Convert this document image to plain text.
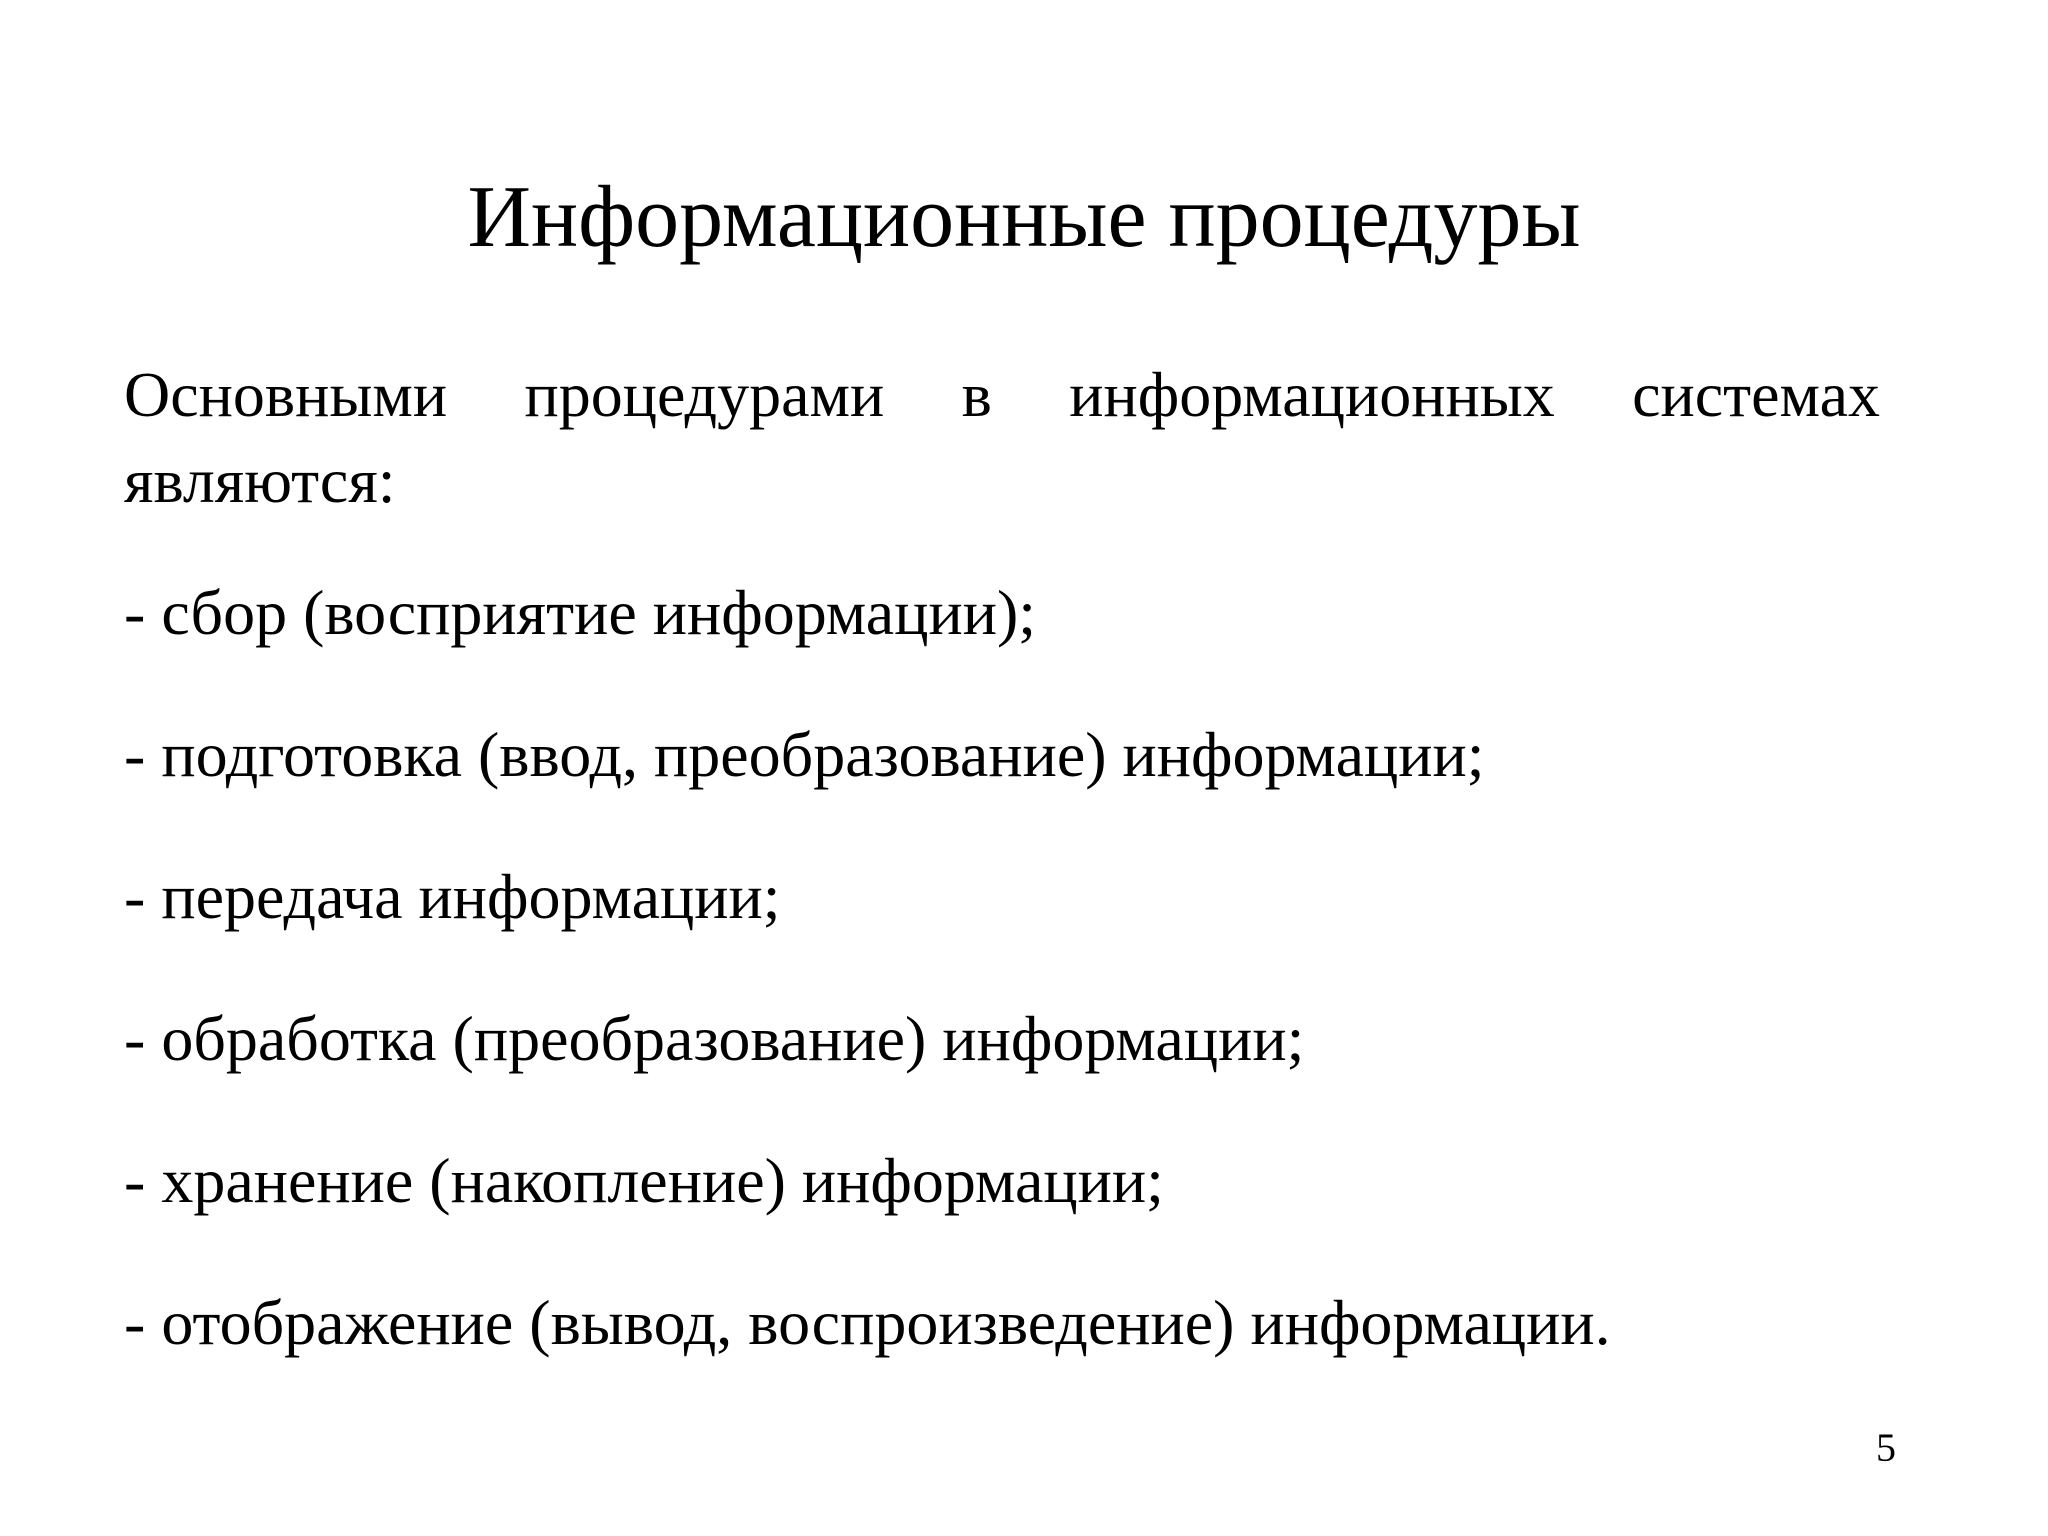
Информационные процедуры

Основными процедурами в информационных системах являются:

- сбор (восприятие информации);
- подготовка (ввод, преобразование) информации;
- передача информации;
- обработка (преобразование) информации;
- хранение (накопление) информации;
- отображение (вывод, воспроизведение) информации.
5
